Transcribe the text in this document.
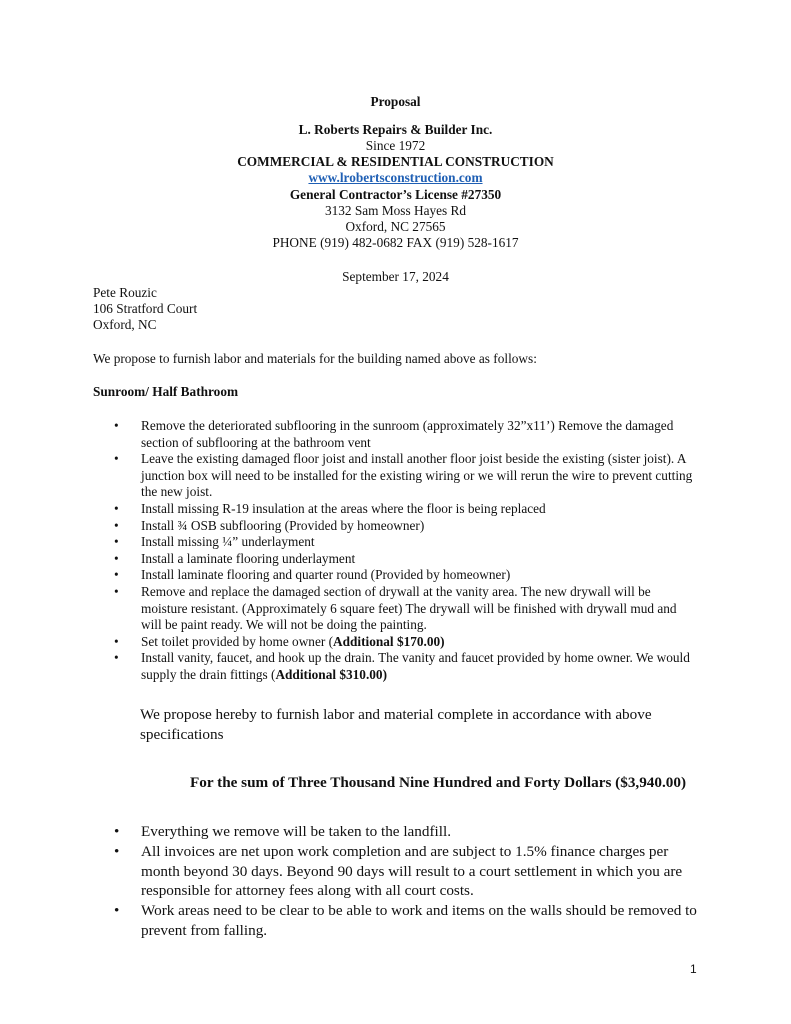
Proposal
L. Roberts Repairs & Builder Inc.
Since 1972
COMMERCIAL & RESIDENTIAL CONSTRUCTION
www.lrobertsconstruction.com
General Contractor’s License #27350
3132 Sam Moss Hayes Rd
Oxford, NC 27565
PHONE (919) 482-0682 FAX (919) 528-1617
September 17, 2024
Pete Rouzic
106 Stratford Court
Oxford, NC
We propose to furnish labor and materials for the building named above as follows:
Sunroom/ Half Bathroom
• Remove the deteriorated subflooring in the sunroom (approximately 32”x11’) Remove the damaged section of subflooring at the bathroom vent
• Leave the existing damaged floor joist and install another floor joist beside the existing (sister joist). A junction box will need to be installed for the existing wiring or we will rerun the wire to prevent cutting the new joist.
• Install missing R-19 insulation at the areas where the floor is being replaced
• Install ¾ OSB subflooring (Provided by homeowner)
• Install missing ¼” underlayment
• Install a laminate flooring underlayment
• Install laminate flooring and quarter round (Provided by homeowner)
• Remove and replace the damaged section of drywall at the vanity area. The new drywall will be moisture resistant. (Approximately 6 square feet) The drywall will be finished with drywall mud and will be paint ready. We will not be doing the painting.
• Set toilet provided by home owner (Additional $170.00)
• Install vanity, faucet, and hook up the drain. The vanity and faucet provided by home owner. We would supply the drain fittings (Additional $310.00)
We propose hereby to furnish labor and material complete in accordance with above specifications
For the sum of Three Thousand Nine Hundred and Forty Dollars ($3,940.00)
• Everything we remove will be taken to the landfill.
• All invoices are net upon work completion and are subject to 1.5% finance charges per month beyond 30 days. Beyond 90 days will result to a court settlement in which you are responsible for attorney fees along with all court costs.
• Work areas need to be clear to be able to work and items on the walls should be removed to prevent from falling.
1
